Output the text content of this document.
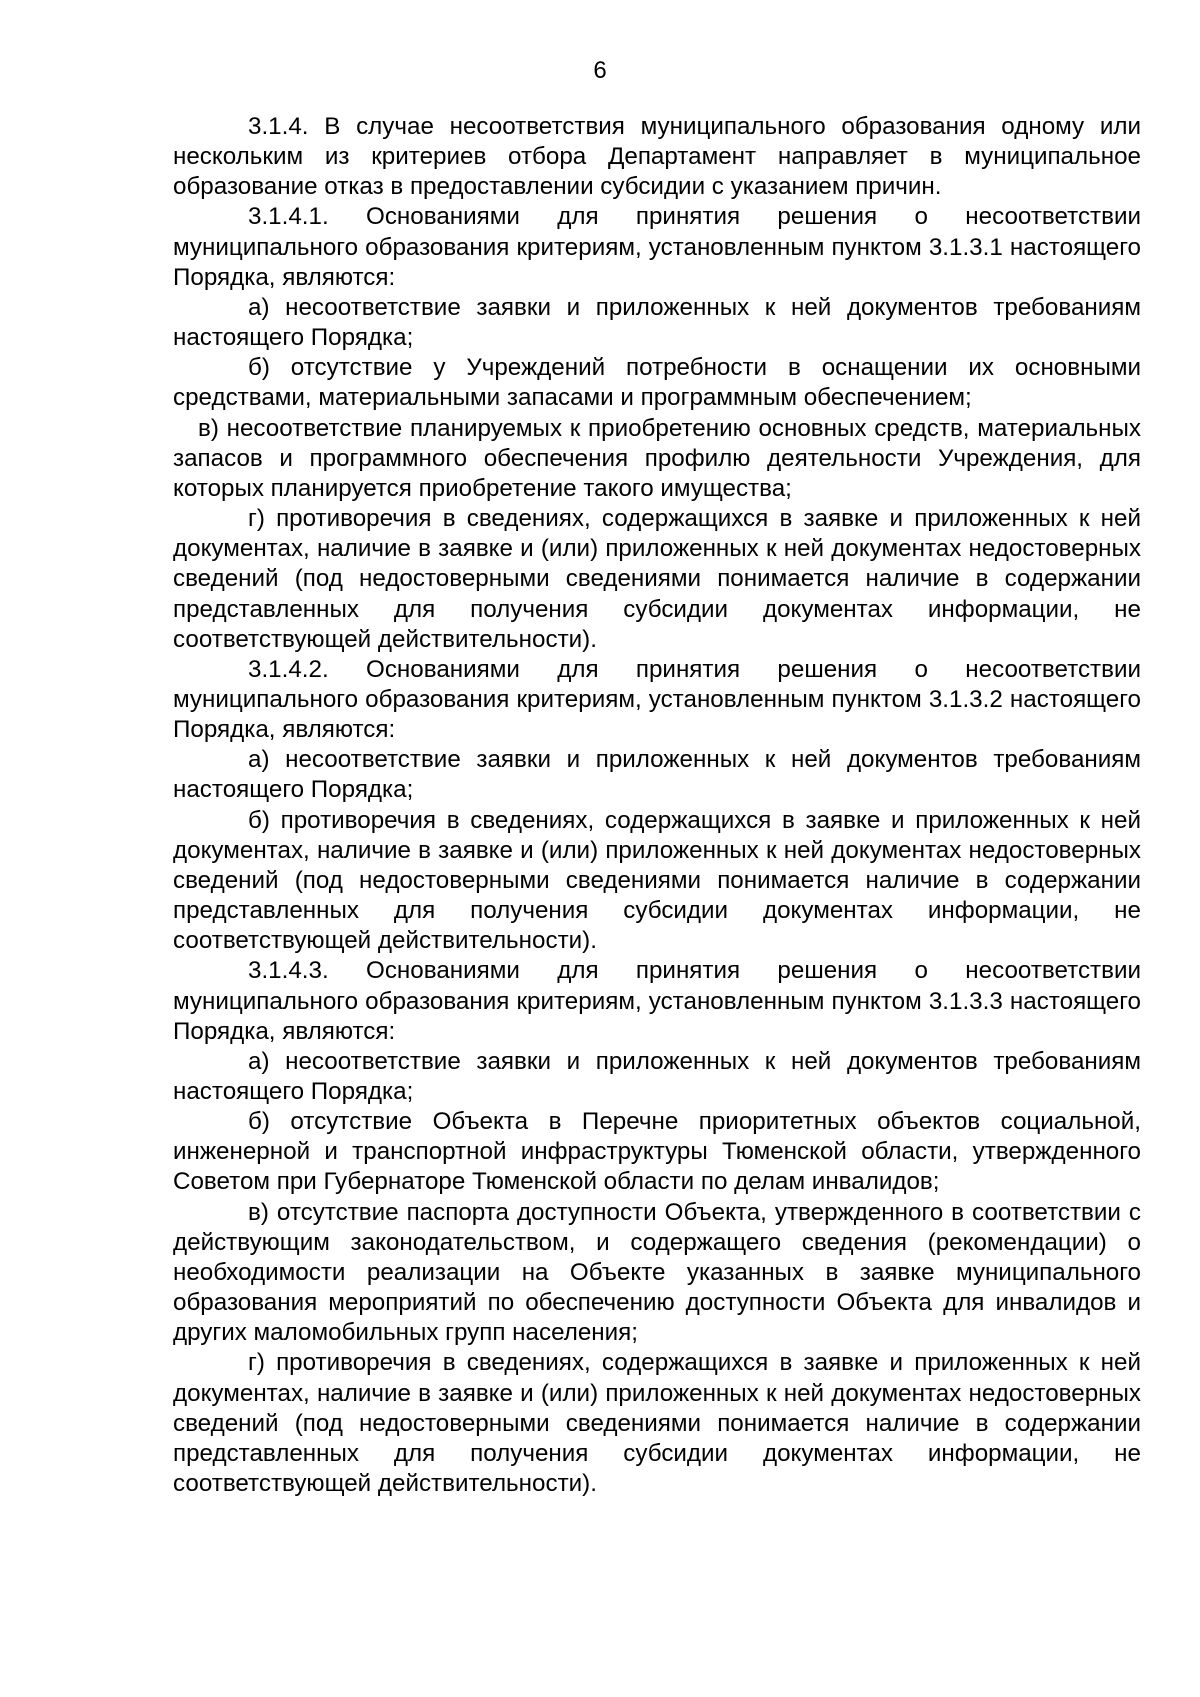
6

3.1.4. В случае несоответствия муниципального образования одному или нескольким из критериев отбора Департамент направляет в муниципальное образование отказ в предоставлении субсидии с указанием причин.

3.1.4.1. Основаниями для принятия решения о несоответствии муниципального образования критериям, установленным пунктом 3.1.3.1 настоящего Порядка, являются:

а) несоответствие заявки и приложенных к ней документов требованиям настоящего Порядка;

б) отсутствие у Учреждений потребности в оснащении их основными средствами, материальными запасами и программным обеспечением;

в) несоответствие планируемых к приобретению основных средств, материальных запасов и программного обеспечения профилю деятельности Учреждения, для которых планируется приобретение такого имущества;

г) противоречия в сведениях, содержащихся в заявке и приложенных к ней документах, наличие в заявке и (или) приложенных к ней документах недостоверных сведений (под недостоверными сведениями понимается наличие в содержании представленных для получения субсидии документах информации, не соответствующей действительности).

3.1.4.2. Основаниями для принятия решения о несоответствии муниципального образования критериям, установленным пунктом 3.1.3.2 настоящего Порядка, являются:

а) несоответствие заявки и приложенных к ней документов требованиям настоящего Порядка;

б) противоречия в сведениях, содержащихся в заявке и приложенных к ней документах, наличие в заявке и (или) приложенных к ней документах недостоверных сведений (под недостоверными сведениями понимается наличие в содержании представленных для получения субсидии документах информации, не соответствующей действительности).

3.1.4.3. Основаниями для принятия решения о несоответствии муниципального образования критериям, установленным пунктом 3.1.3.3 настоящего Порядка, являются:

а) несоответствие заявки и приложенных к ней документов требованиям настоящего Порядка;

б) отсутствие Объекта в Перечне приоритетных объектов социальной, инженерной и транспортной инфраструктуры Тюменской области, утвержденного Советом при Губернаторе Тюменской области по делам инвалидов;

в) отсутствие паспорта доступности Объекта, утвержденного в соответствии с действующим законодательством, и содержащего сведения (рекомендации) о необходимости реализации на Объекте указанных в заявке муниципального образования мероприятий по обеспечению доступности Объекта для инвалидов и других маломобильных групп населения;

г) противоречия в сведениях, содержащихся в заявке и приложенных к ней документах, наличие в заявке и (или) приложенных к ней документах недостоверных сведений (под недостоверными сведениями понимается наличие в содержании представленных для получения субсидии документах информации, не соответствующей действительности).
